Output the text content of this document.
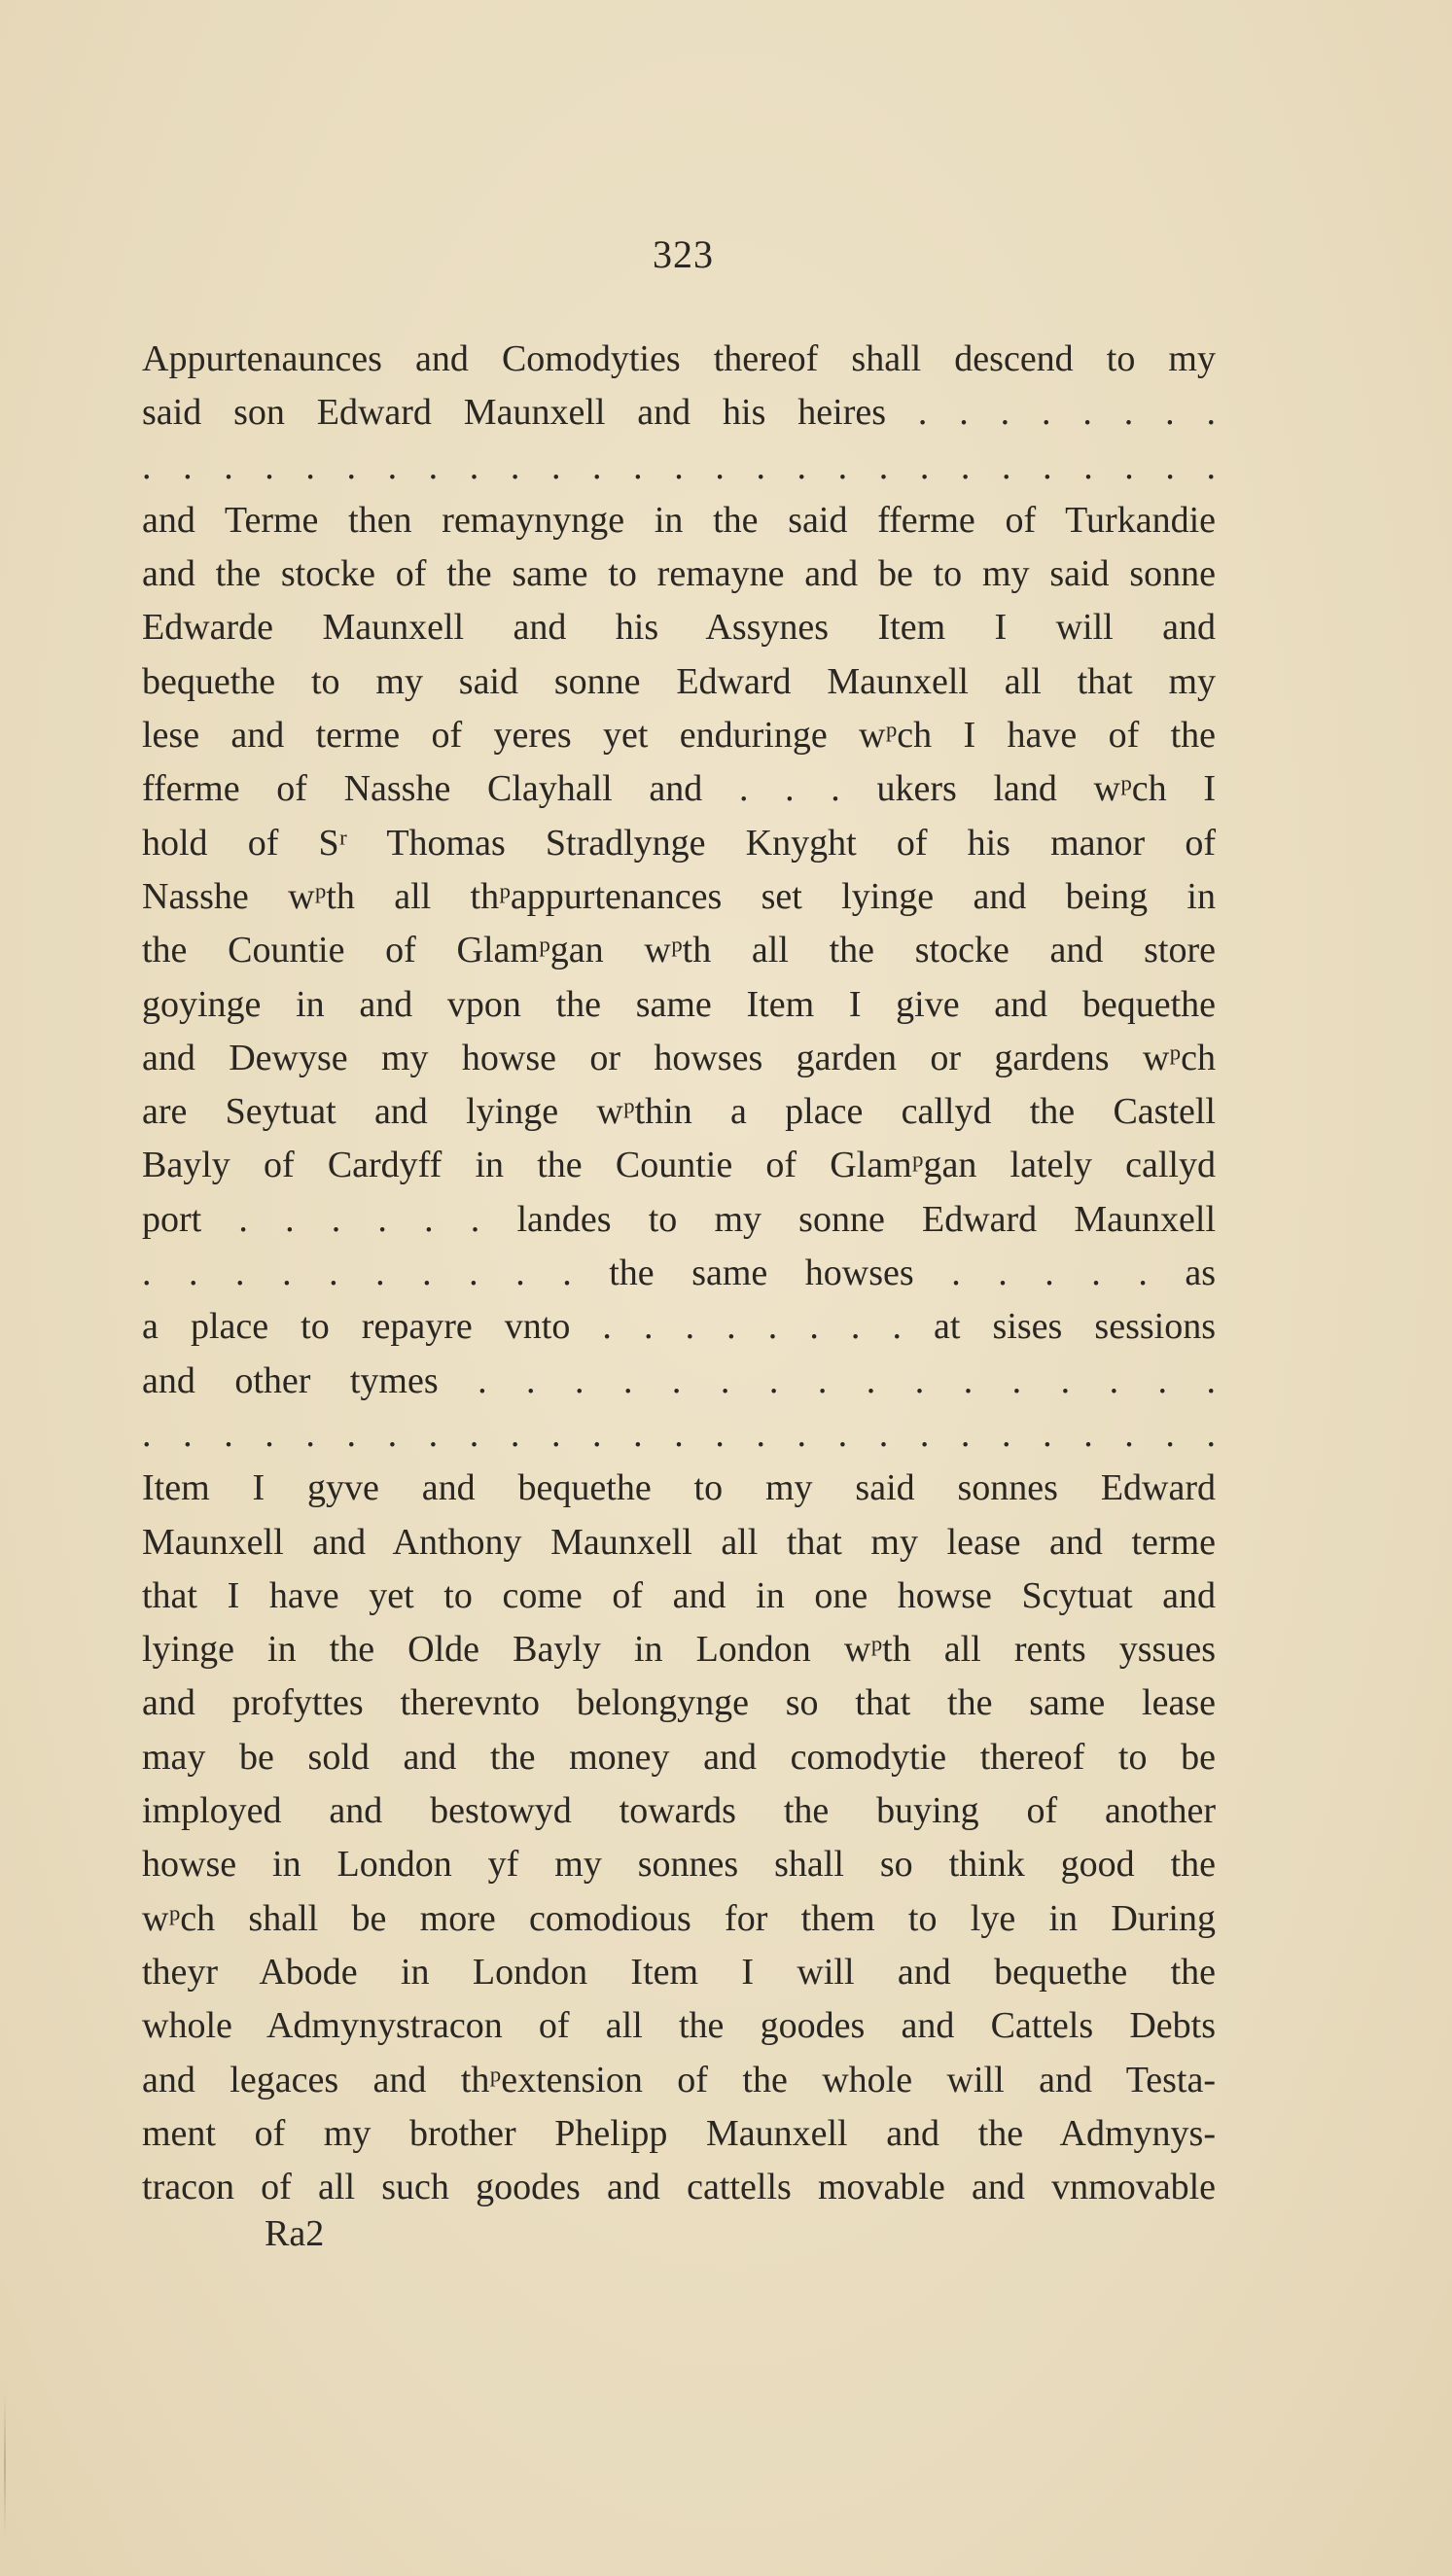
323
Appurtenaunces and Comodyties thereof shall descend to my
said son Edward Maunxell and his heires . . . . . . . .
. . . . . . . . . . . . . . . . . . . . . . . . . . .
and Terme then remaynynge in the said fferme of Turkandie
and the stocke of the same to remayne and be to my said sonne
Edwarde Maunxell and his Assynes Item I will and
bequethe to my said sonne Edward Maunxell all that my
lese and terme of yeres yet enduringe wᵖch I have of the
fferme of Nasshe Clayhall and . . . ukers land wᵖch I
hold of Sʳ Thomas Stradlynge Knyght of his manor of
Nasshe wᵖth all thᵖappurtenances set lyinge and being in
the Countie of Glamᵖgan wᵖth all the stocke and store
goyinge in and vpon the same Item I give and bequethe
and Dewyse my howse or howses garden or gardens wᵖch
are Seytuat and lyinge wᵖthin a place callyd the Castell
Bayly of Cardyff in the Countie of Glamᵖgan lately callyd
port . . . . . . landes to my sonne Edward Maunxell
. . . . . . . . . . the same howses . . . . . as
a place to repayre vnto . . . . . . . . at sises sessions
and other tymes . . . . . . . . . . . . . . . .
. . . . . . . . . . . . . . . . . . . . . . . . . . .
Item I gyve and bequethe to my said sonnes Edward
Maunxell and Anthony Maunxell all that my lease and terme
that I have yet to come of and in one howse Scytuat and
lyinge in the Olde Bayly in London wᵖth all rents yssues
and profyttes therevnto belongynge so that the same lease
may be sold and the money and comodytie thereof to be
imployed and bestowyd towards the buying of another
howse in London yf my sonnes shall so think good the
wᵖch shall be more comodious for them to lye in During
theyr Abode in London Item I will and bequethe the
whole Admynystracon of all the goodes and Cattels Debts
and legaces and thᵖextension of the whole will and Testa-
ment of my brother Phelipp Maunxell and the Admynys-
tracon of all such goodes and cattells movable and vnmovable
Ra2
